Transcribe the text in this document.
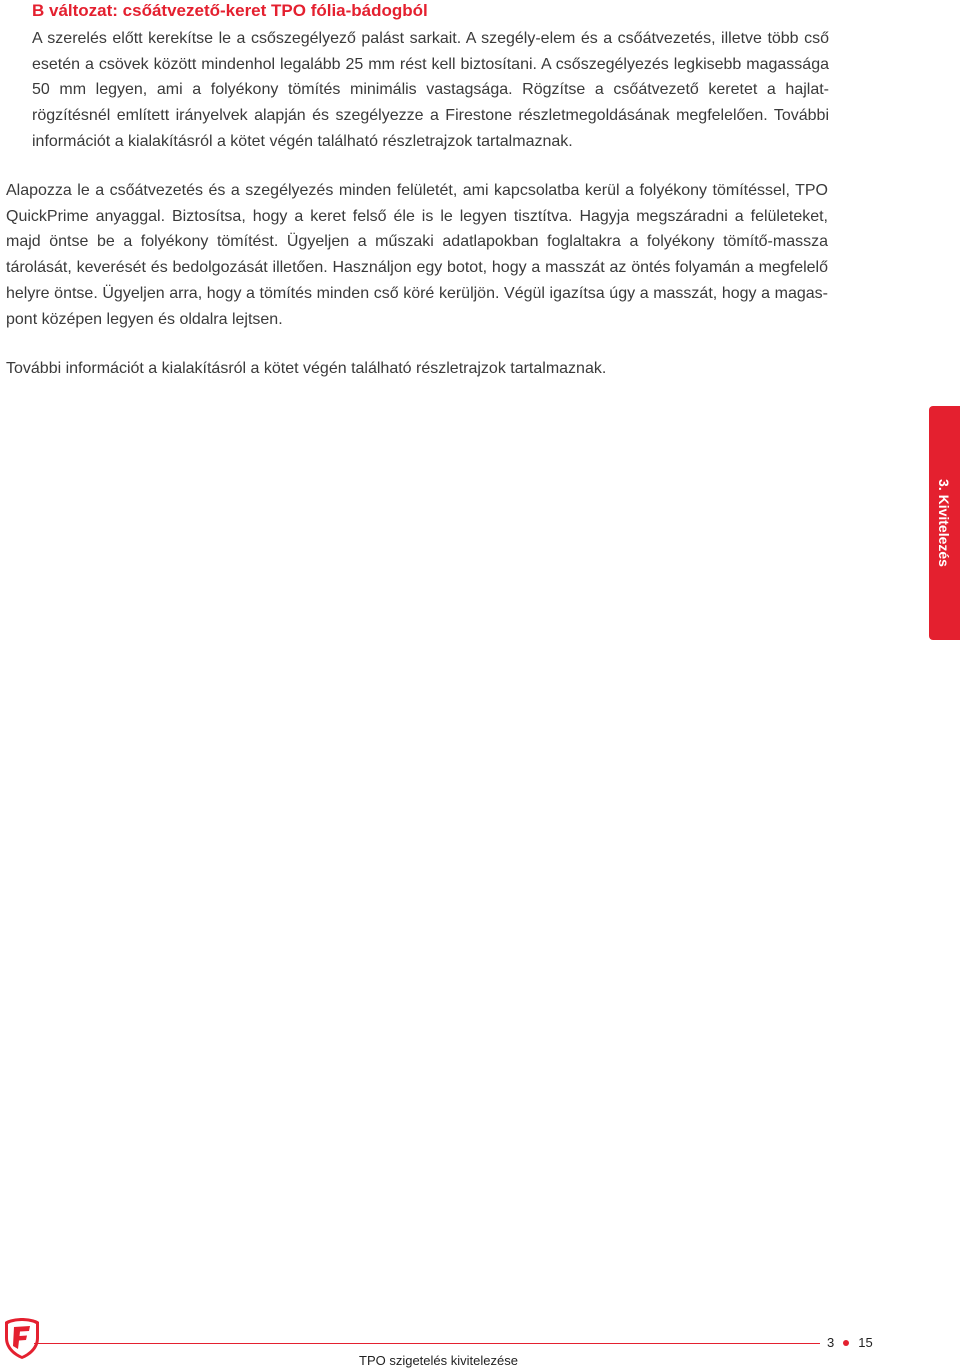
B változat: csőátvezető-keret TPO fólia-bádogból

A szerelés előtt kerekítse le a csőszegélyező palást sarkait. A szegély-elem és a csőátvezetés, illetve több cső esetén a csövek között mindenhol legalább 25 mm rést kell biztosítani. A csőszegélyezés legkisebb magassága 50 mm legyen, ami a folyékony tömítés minimális vastagsága. Rögzítse a csőátvezető keretet a hajlatrögzítésnél említett irányelvek alapján és szegélyezze a Firestone részletmegoldásának megfelelően. További információt a kialakításról a kötet végén található részletrajzok tartalmaznak.

Alapozza le a csőátvezetés és a szegélyezés minden felületét, ami kapcsolatba kerül a folyékony tömítéssel, TPO QuickPrime anyaggal. Biztosítsa, hogy a keret felső éle is le legyen tisztítva. Hagyja megszáradni a felületeket, majd öntse be a folyékony tömítést. Ügyeljen a műszaki adatlapokban foglaltakra a folyékony tömítő-massza tárolását, keverését és bedolgozását illetően. Használjon egy botot, hogy a masszát az öntés folyamán a megfelelő helyre öntse. Ügyeljen arra, hogy a tömítés minden cső köré kerüljön. Végül igazítsa úgy a masszát, hogy a magas-pont középen legyen és oldalra lejtsen.

További információt a kialakításról a kötet végén található részletrajzok tartalmaznak.

3. Kivitelezés
TPO szigetelés kivitelezése
3 15
